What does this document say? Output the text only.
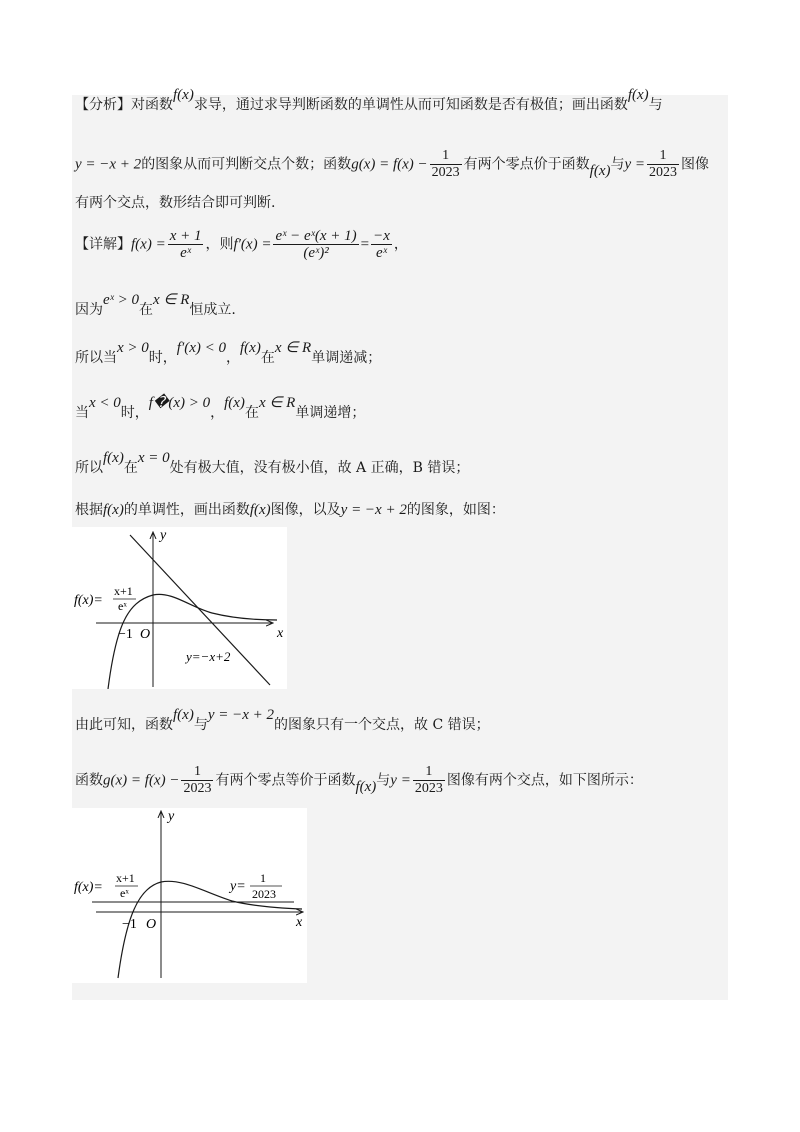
【分析】对函数f(x)求导，通过求导判断函数的单调性从而可知函数是否有极值；画出函数f(x)与
y = −x + 2的图象从而可判断交点个数；函数$g(x) = f(x) - \frac{1}{2023}$ 有两个零点价于函数f(x)与$y = \frac{1}{2023}$ 图像
有两个交点，数形结合即可判断.
【详解】$f(x) = \frac{x + 1}{\text{eˣ}}$ ，则$f'(x) = \frac{\text{eˣ − eˣ(x + 1)}}{\text{(eˣ)²}} = \frac{-x}{\text{eˣ}}$ ，
因为eˣ > 0在x ∈ R恒成立.
所以当x > 0时，f′(x) < 0，f(x)在x ∈ R单调递减；
当x < 0时，f�(x) > 0，f(x)在x ∈ R单调递增；
所以f(x)在x = 0处有极大值，没有极小值，故 A 正确，B 错误；
根据f(x)的单调性，画出函数f(x)图像，以及y = −x + 2的图象，如图：
y
x
O
−1
f(x)=
x+1
eˣ
y=−x+2
由此可知，函数f(x)与y = −x + 2的图象只有一个交点，故 C 错误；
函数$g(x) = f(x) - \frac{1}{2023}$ 有两个零点等价于函数f(x)与$y = \frac{1}{2023}$ 图像有两个交点，如下图所示：
y
x
O
−1
f(x)=
x+1
eˣ	y=
1
2023
